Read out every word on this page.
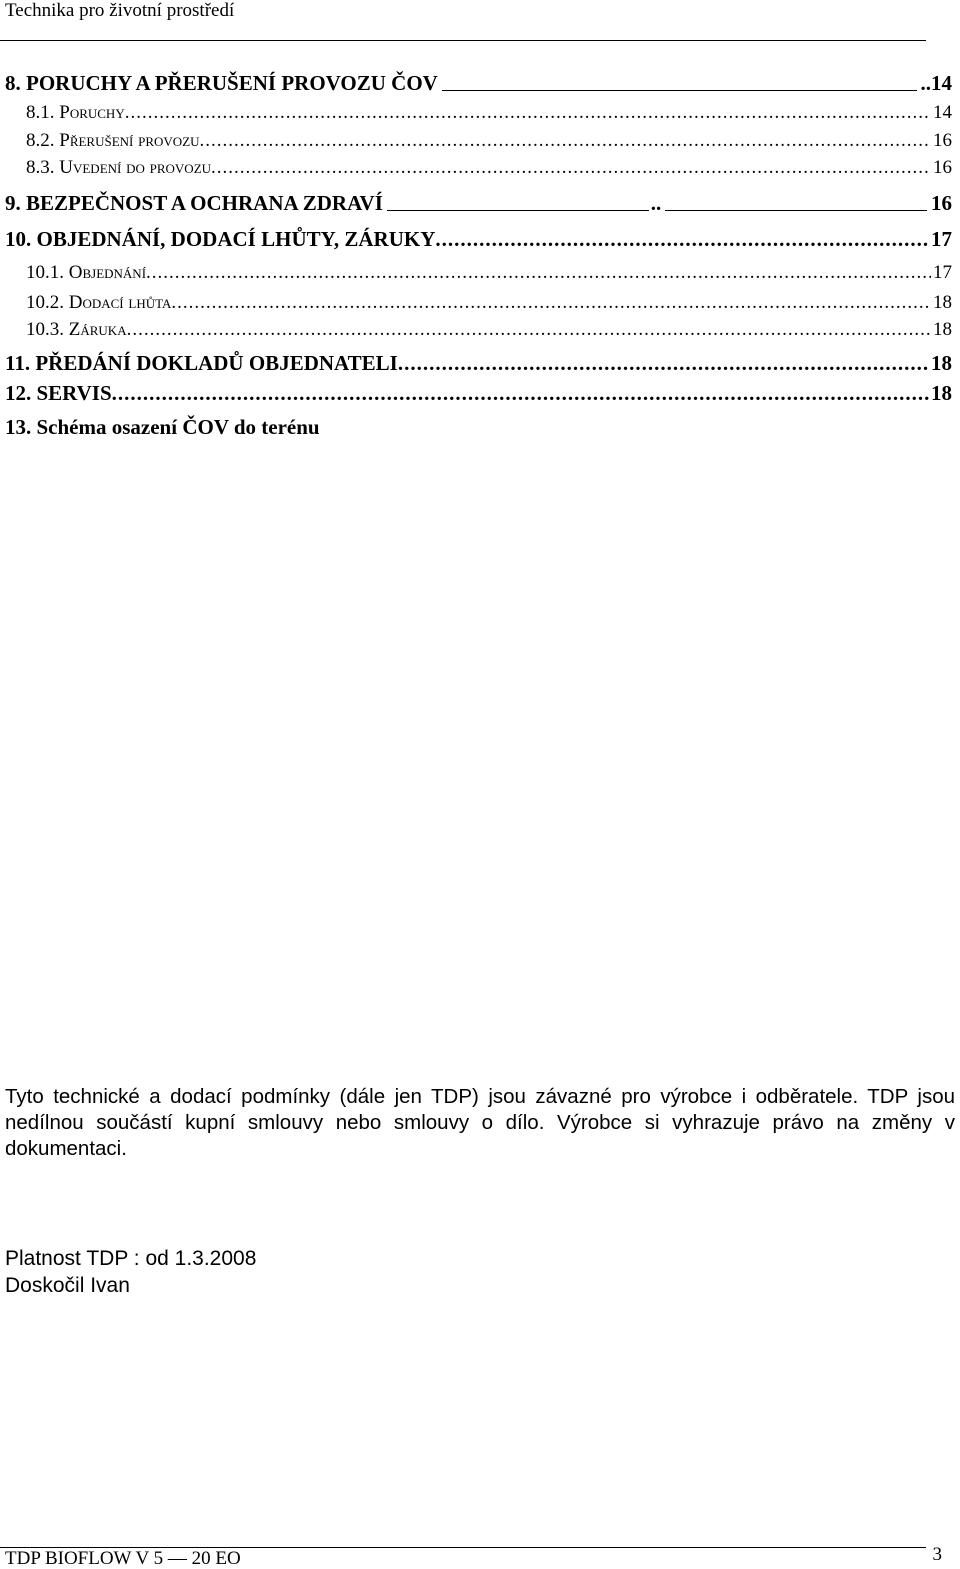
Technika pro životní prostředí
8. PORUCHY A PŘERUŠENÍ PROVOZU ČOV	..14
8.1. Poruchy .....	14
8.2. Přerušení provozu .....	16
8.3. Uvedení do provozu .....	16
9. BEZPEČNOST A OCHRANA ZDRAVÍ	..	16
10. OBJEDNÁNÍ, DODACÍ LHŮTY, ZÁRUKY .....	17
10.1. Objednání .....	17
10.2. Dodací lhůta .....	18
10.3. Záruka .....	18
11. PŘEDÁNÍ DOKLADŮ OBJEDNATELI .....	18
12. SERVIS .....	18
13. Schéma osazení ČOV do terénu
Tyto technické a dodací podmínky (dále jen TDP) jsou závazné pro výrobce i odběratele. TDP jsou nedílnou součástí kupní smlouvy nebo smlouvy o dílo. Výrobce si vyhrazuje právo na změny v dokumentaci.
Platnost TDP : od 1.3.2008
Doskočil Ivan
TDP BIOFLOW V 5 — 20 EO	3
